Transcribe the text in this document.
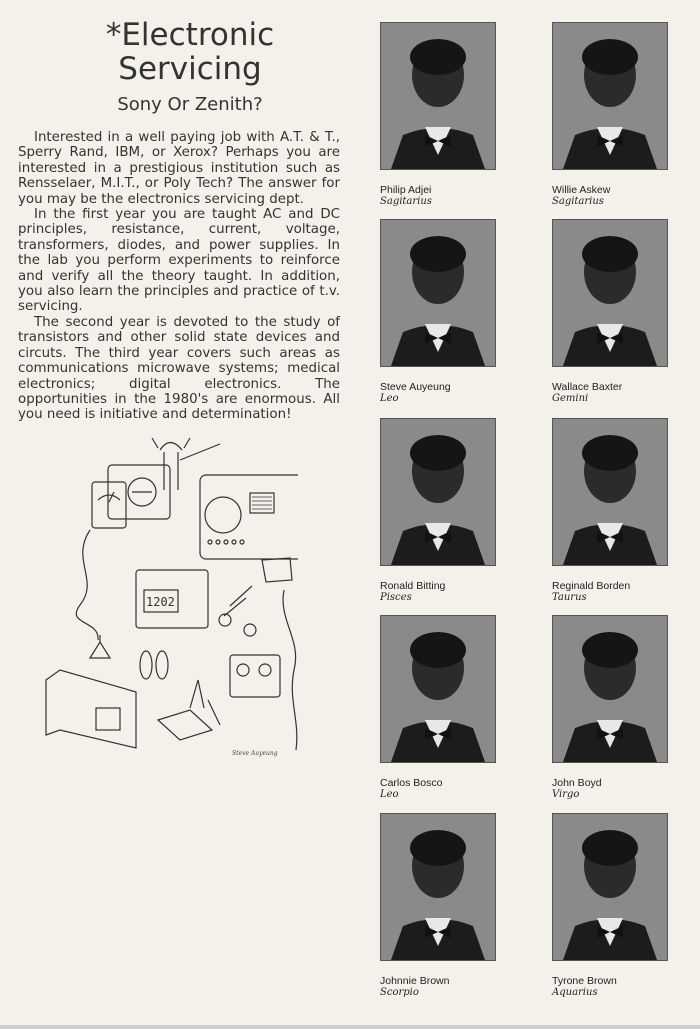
*Electronic
Servicing
Sony Or Zenith?

Interested in a well paying job with A.T. & T., Sperry Rand, IBM, or Xerox? Perhaps you are interested in a prestigious institution such as Rensselaer, M.I.T., or Poly Tech? The answer for you may be the electronics servicing dept.

In the first year you are taught AC and DC principles, resistance, current, voltage, transformers, diodes, and power supplies. In the lab you perform experiments to reinforce and verify all the theory taught. In addition, you also learn the principles and practice of t.v. servicing.

The second year is devoted to the study of transistors and other solid state devices and circuts. The third year covers such areas as communications microwave systems; medical electronics; digital electronics. The opportunities in the 1980's are enormous. All you need is initiative and determination!

1202
Steve Auyeung
Philip Adjei
Sagitarius
Willie Askew
Sagitarius
Steve Auyeung
Leo
Wallace Baxter
Gemini
Ronald Bitting
Pisces
Reginald Borden
Taurus
Carlos Bosco
Leo
John Boyd
Virgo
Johnnie Brown
Scorpio
Tyrone Brown
Aquarius
